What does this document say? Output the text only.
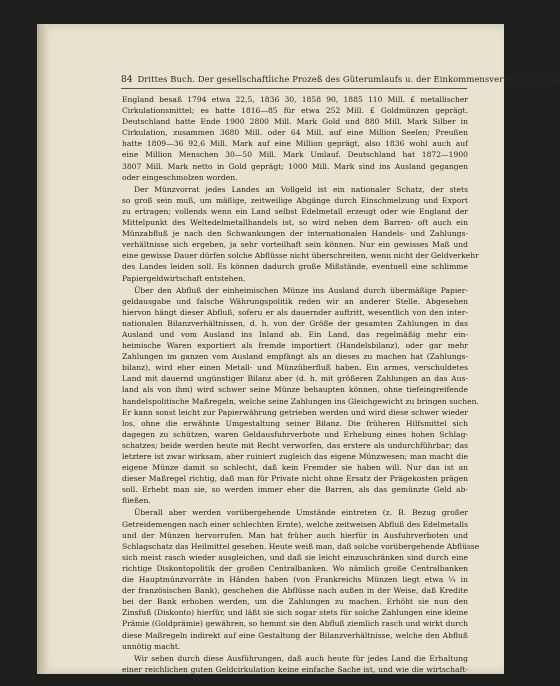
84 Drittes Buch. Der gesellschaftliche Prozeß des Güterumlaufs u. der Einkommensverteilung. [542

England besaß 1794 etwa 22,5, 1836 30, 1858 90, 1885 110 Mill. £ metallischer
Cirkulationsmittel; es hatte 1816—85 für etwa 252 Mill. £ Goldmünzen geprägt.
Deutschland hatte Ende 1900 2800 Mill. Mark Gold und 880 Mill. Mark Silber in
Cirkulation, zusammen 3680 Mill. oder 64 Mill. auf eine Million Seelen; Preußen
hatte 1809—36 92,6 Mill. Mark auf eine Million geprägt, also 1836 wohl auch auf
eine Million Menschen 30—50 Mill. Mark Umlauf. Deutschland hat 1872—1900
3807 Mill. Mark netto in Gold geprägt; 1000 Mill. Mark sind ins Ausland gegangen
oder eingeschmolzen worden.

Der Münzvorrat jedes Landes an Vollgeld ist ein nationaler Schatz, der stets
so groß sein muß, um mäßige, zeitweilige Abgänge durch Einschmelzung und Export
zu ertragen; vollends wenn ein Land selbst Edelmetall erzeugt oder wie England der
Mittelpunkt des Weltedelmetallhandels ist, so wird neben dem Barren- oft auch ein
Münzabfluß je nach den Schwankungen der internationalen Handels- und Zahlungs-
verhältnisse sich ergeben, ja sehr vorteilhaft sein können. Nur ein gewisses Maß und
eine gewisse Dauer dürfen solche Abflüsse nicht überschreiten, wenn nicht der Geldverkehr
des Landes leiden soll. Es können dadurch große Mißstände, eventuell eine schlimme
Papiergeldwirtschaft entstehen.

Über den Abfluß der einheimischen Münze ins Ausland durch übermäßige Papier-
geldausgabe und falsche Währungspolitik reden wir an anderer Stelle. Abgesehen
hiervon hängt dieser Abfluß, soferu er als dauernder auftritt, wesentlich von den inter-
nationalen Bilanzverhältnissen, d. h. von der Größe der gesamten Zahlungen in das
Ausland und vom Ausland ins Inland ab. Ein Land, das regelmäßig mehr ein-
heimische Waren exportiert als fremde importiert (Handelsbilanz), oder gar mehr
Zahlungen im ganzen vom Ausland empfängt als an dieses zu machen hat (Zahlungs-
bilanz), wird eher einen Metall- und Münzüberfluß haben. Ein armes, verschuldetes
Land mit dauernd ungünstiger Bilanz aber (d. h. mit größeren Zahlungen an das Aus-
land als von ihm) wird schwer seine Münze behaupten können, ohne tiefeingreifende
handelspolitische Maßregeln, welche seine Zahlungen ins Gleichgewicht zu bringen suchen.
Er kann sonst leicht zur Papierwährung getrieben werden und wird diese schwer wieder
los, ohne die erwähnte Umgestaltung seiner Bilanz. Die früheren Hilfsmittel sich
dagegen zu schützen, waren Geldausfuhrverbote und Erhebung eines hohen Schlag-
schatzes; beide werden heute mit Recht verworfen, das erstere als undurchführbar; das
letztere ist zwar wirksam, aber ruiniert zugleich das eigene Münzwesen; man macht die
eigene Münze damit so schlecht, daß kein Fremder sie haben will. Nur das ist an
dieser Maßregel richtig, daß man für Private nicht ohne Ersatz der Prägekosten prägen
soll. Erhebt man sie, so werden immer eher die Barren, als das gemünzte Geld ab-
fließen.

Überall aber werden vorübergehende Umstände eintreten (z. B. Bezug großer
Getreidemengen nach einer schlechten Ernte), welche zeitweisen Abfluß des Edelmetalls
und der Münzen hervorrufen. Man hat früher auch hierfür in Ausfuhrverboten und
Schlagschatz das Heilmittel gesehen. Heute weiß man, daß solche vorübergehende Abflüsse
sich meist rasch wieder ausgleichen, und daß sie leicht einzuschränken sind durch eine
richtige Diskontopolitik der großen Centralbanken. Wo nämlich große Centralbanken
die Hauptmünzvorräte in Händen haben (von Frankreichs Münzen liegt etwa ¼ in
der französischen Bank), geschehen die Abflüsse nach außen in der Weise, daß Kredite
bei der Bank erhoben werden, um die Zahlungen zu machen. Erhöht sie nun den
Zinsfuß (Diskonto) hierfür, und läßt sie sich sogar stets für solche Zahlungen eine kleine
Prämie (Goldprämie) gewähren, so hemmt sie den Abfluß ziemlich rasch und wirkt durch
diese Maßregeln indirekt auf eine Gestaltung der Bilanzverhältnisse, welche den Abfluß
unnötig macht.

Wir sehen durch diese Ausführungen, daß auch heute für jedes Land die Erhaltung
einer reichlichen guten Geldcirkulation keine einfache Sache ist, und wie die wirtschaft-
liche Politik von den verschiedensten Seiten her dazu mitwirken muß. Und dabei haben
